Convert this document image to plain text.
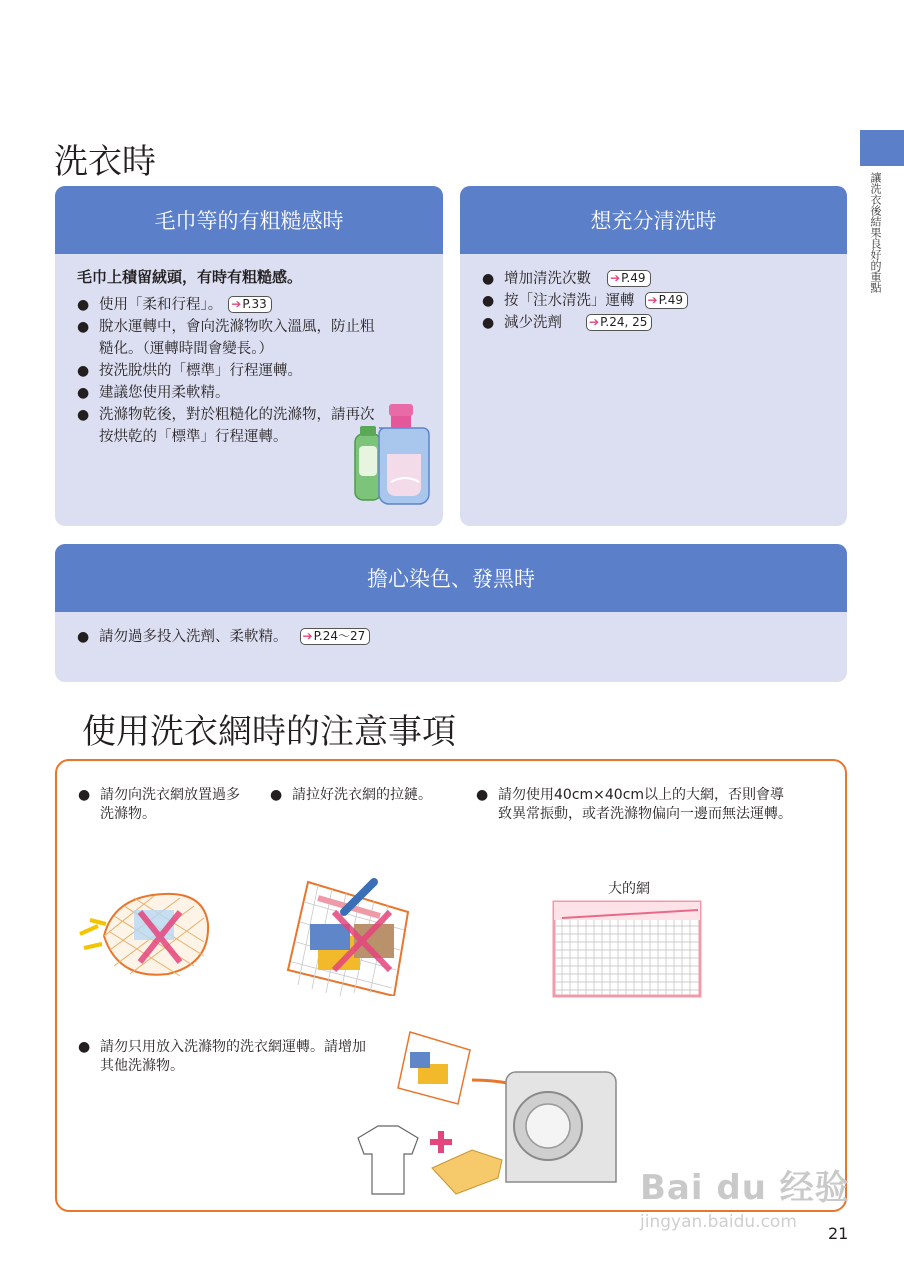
讓洗衣後結果良好的重點
洗衣時
毛巾等的有粗糙感時
毛巾上積留絨頭，有時有粗糙感。
● 使用「柔和行程」。 ➔P.33
● 脫水運轉中，會向洗滌物吹入溫風，防止粗糙化。（運轉時間會變長。）
● 按洗脫烘的「標準」行程運轉。
● 建議您使用柔軟精。
● 洗滌物乾後，對於粗糙化的洗滌物，請再次按烘乾的「標準」行程運轉。
想充分清洗時
● 增加清洗次數 ➔P.49
● 按「注水清洗」運轉 ➔P.49
● 減少洗劑 ➔P.24, 25
擔心染色、發黑時
● 請勿過多投入洗劑、柔軟精。 ➔P.24〜27
使用洗衣網時的注意事項
● 請勿向洗衣網放置過多洗滌物。
● 請拉好洗衣網的拉鏈。	● 請勿使用40cm×40cm以上的大網，否則會導致異常振動，或者洗滌物偏向一邊而無法運轉。
● 請勿只用放入洗滌物的洗衣網運轉。請增加其他洗滌物。
大的網
Bai du 经验
jingyan.baidu.com
21
